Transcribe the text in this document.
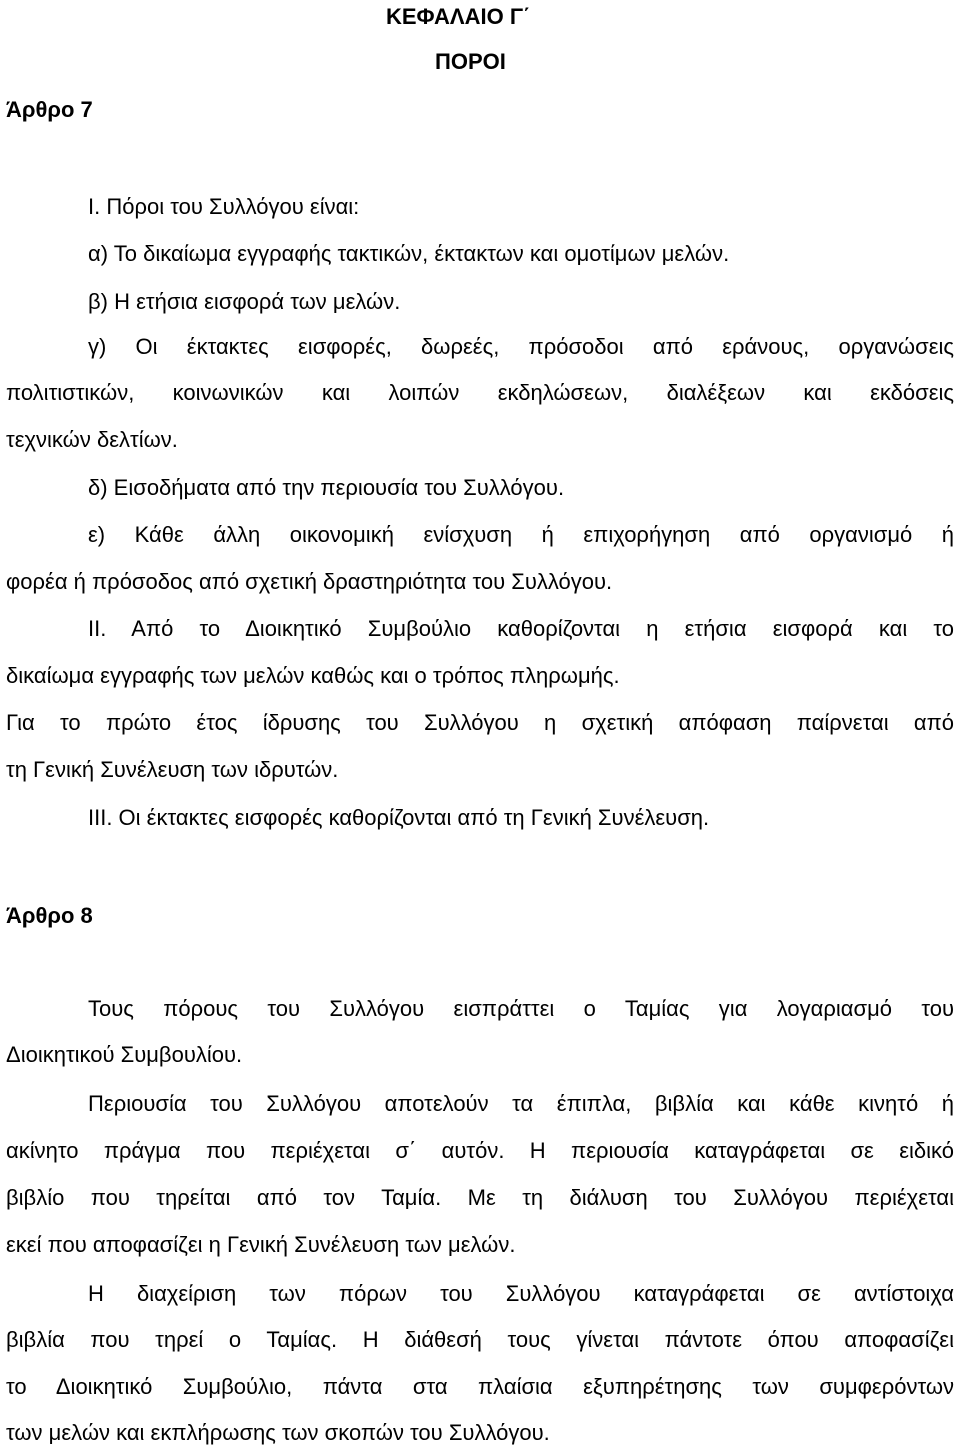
ΚΕΦΑΛΑΙΟ Γ΄
ΠΟΡΟΙ
Άρθρο 7
Ι. Πόροι του Συλλόγου είναι:
α) Το δικαίωμα εγγραφής τακτικών, έκτακτων και ομοτίμων μελών.
β) Η ετήσια εισφορά των μελών.
γ) Οι έκτακτες εισφορές, δωρεές, πρόσοδοι από εράνους, οργανώσεις
πολιτιστικών, κοινωνικών και λοιπών εκδηλώσεων, διαλέξεων και εκδόσεις
τεχνικών δελτίων.
δ) Εισοδήματα από την περιουσία του Συλλόγου.
ε) Κάθε άλλη οικονομική ενίσχυση ή επιχορήγηση από οργανισμό ή
φορέα ή πρόσοδος από σχετική δραστηριότητα του Συλλόγου.
ΙΙ. Από το Διοικητικό Συμβούλιο καθορίζονται η ετήσια εισφορά και το
δικαίωμα εγγραφής των μελών καθώς και ο τρόπος πληρωμής.
Για το πρώτο έτος ίδρυσης του Συλλόγου η σχετική απόφαση παίρνεται από
τη Γενική Συνέλευση των ιδρυτών.
ΙΙΙ. Οι έκτακτες εισφορές καθορίζονται από τη Γενική Συνέλευση.
Άρθρο 8
Τους πόρους του Συλλόγου εισπράττει ο Ταμίας για λογαριασμό του
Διοικητικού Συμβουλίου.
Περιουσία του Συλλόγου αποτελούν τα έπιπλα, βιβλία και κάθε κινητό ή
ακίνητο πράγμα που περιέχεται σ΄ αυτόν. Η περιουσία καταγράφεται σε ειδικό
βιβλίο που τηρείται από τον Ταμία. Με τη διάλυση του Συλλόγου περιέχεται
εκεί που αποφασίζει η Γενική Συνέλευση των μελών.
Η διαχείριση των πόρων του Συλλόγου καταγράφεται σε αντίστοιχα
βιβλία που τηρεί ο Ταμίας. Η διάθεσή τους γίνεται πάντοτε όπου αποφασίζει
το Διοικητικό Συμβούλιο, πάντα στα πλαίσια εξυπηρέτησης των συμφερόντων
των μελών και εκπλήρωσης των σκοπών του Συλλόγου.
